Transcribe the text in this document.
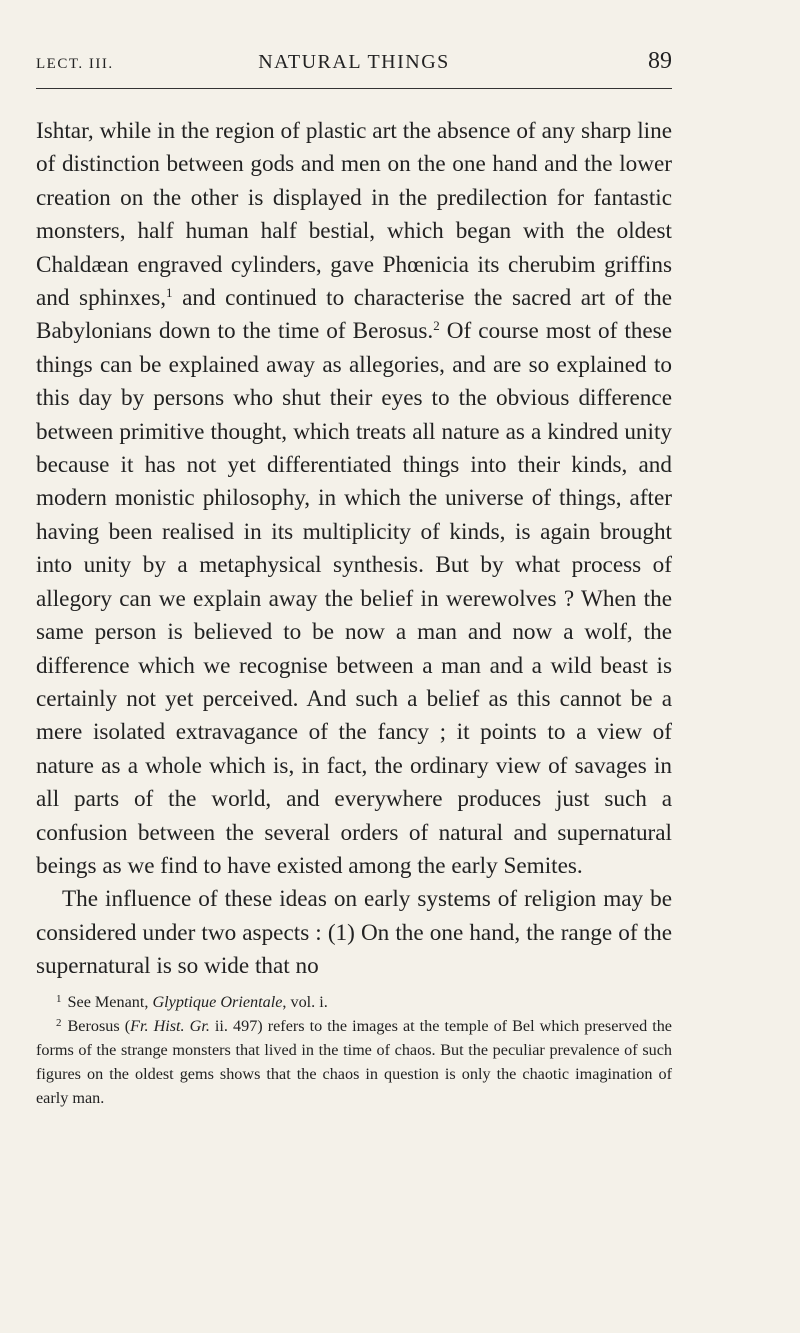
LECT. III.	NATURAL THINGS	89

Ishtar, while in the region of plastic art the absence of any sharp line of distinction between gods and men on the one hand and the lower creation on the other is displayed in the predilection for fantastic monsters, half human half bestial, which began with the oldest Chaldæan engraved cylinders, gave Phœnicia its cherubim griffins and sphinxes,$^1$ and continued to characterise the sacred art of the Babylonians down to the time of Berosus.$^2$ Of course most of these things can be explained away as allegories, and are so explained to this day by persons who shut their eyes to the obvious difference between primitive thought, which treats all nature as a kindred unity because it has not yet differentiated things into their kinds, and modern monistic philosophy, in which the universe of things, after having been realised in its multiplicity of kinds, is again brought into unity by a metaphysical synthesis. But by what process of allegory can we explain away the belief in werewolves ? When the same person is believed to be now a man and now a wolf, the difference which we recognise between a man and a wild beast is certainly not yet perceived. And such a belief as this cannot be a mere isolated extravagance of the fancy ; it points to a view of nature as a whole which is, in fact, the ordinary view of savages in all parts of the world, and everywhere produces just such a confusion between the several orders of natural and supernatural beings as we find to have existed among the early Semites.

The influence of these ideas on early systems of religion may be considered under two aspects : (1) On the one hand, the range of the supernatural is so wide that no

$^1$ See Menant, Glyptique Orientale, vol. i.

$^2$ Berosus (Fr. Hist. Gr. ii. 497) refers to the images at the temple of Bel which preserved the forms of the strange monsters that lived in the time of chaos. But the peculiar prevalence of such figures on the oldest gems shows that the chaos in question is only the chaotic imagination of early man.
